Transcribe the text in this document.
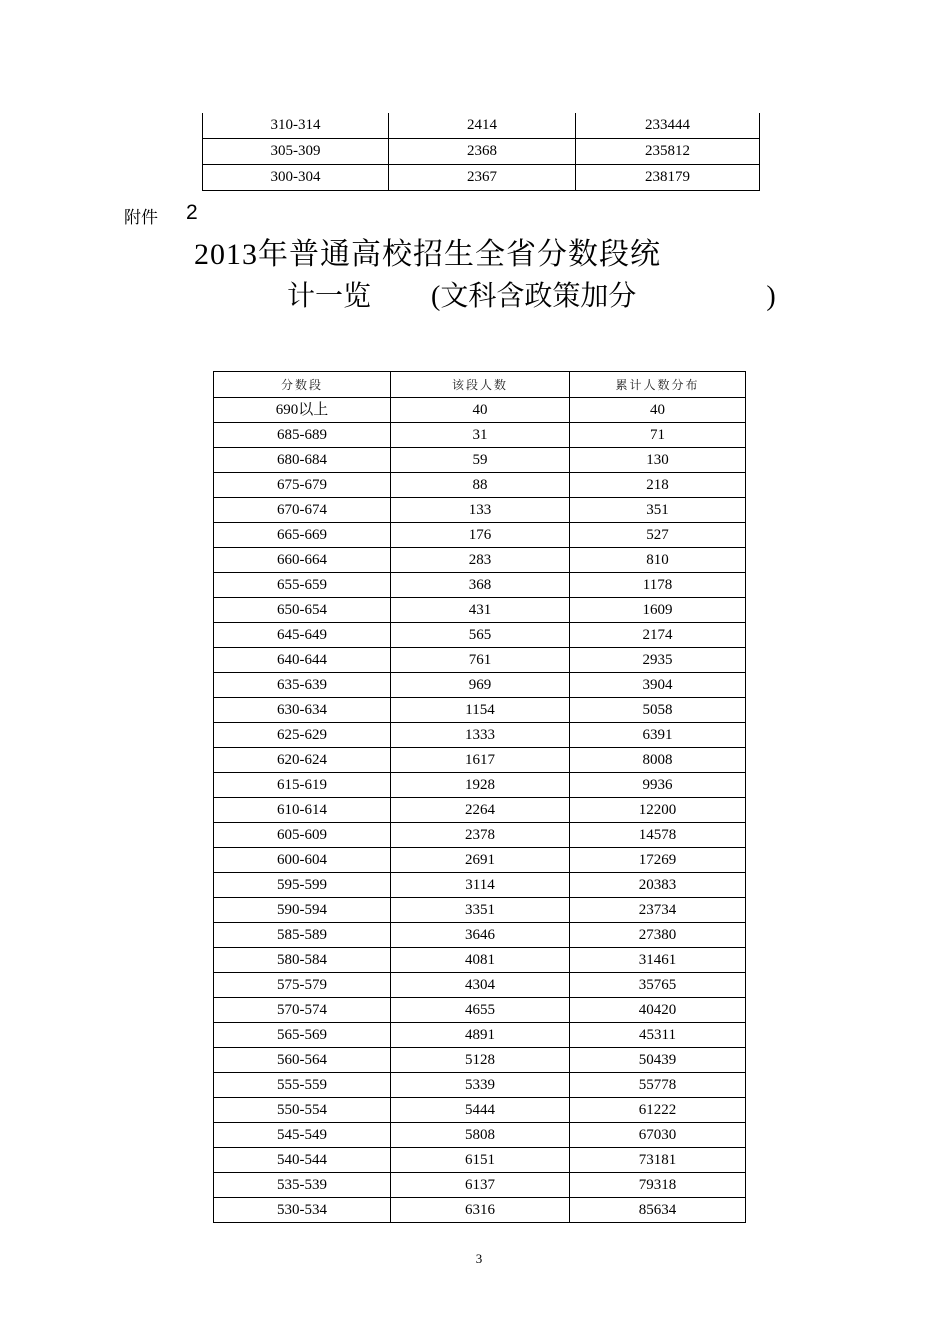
310-314	2414	233444
305-309	2368	235812
300-304	2367	238179
附件 2
2013年普通高校招生全省分数段统
计一览 (文科含政策加分	)
分数段	该段人数	累计人数分布
690以上	40	40
685-689	31	71
680-684	59	130
675-679	88	218
670-674	133	351
665-669	176	527
660-664	283	810
655-659	368	1178
650-654	431	1609
645-649	565	2174
640-644	761	2935
635-639	969	3904
630-634	1154	5058
625-629	1333	6391
620-624	1617	8008
615-619	1928	9936
610-614	2264	12200
605-609	2378	14578
600-604	2691	17269
595-599	3114	20383
590-594	3351	23734
585-589	3646	27380
580-584	4081	31461
575-579	4304	35765
570-574	4655	40420
565-569	4891	45311
560-564	5128	50439
555-559	5339	55778
550-554	5444	61222
545-549	5808	67030
540-544	6151	73181
535-539	6137	79318
530-534	6316	85634
3
